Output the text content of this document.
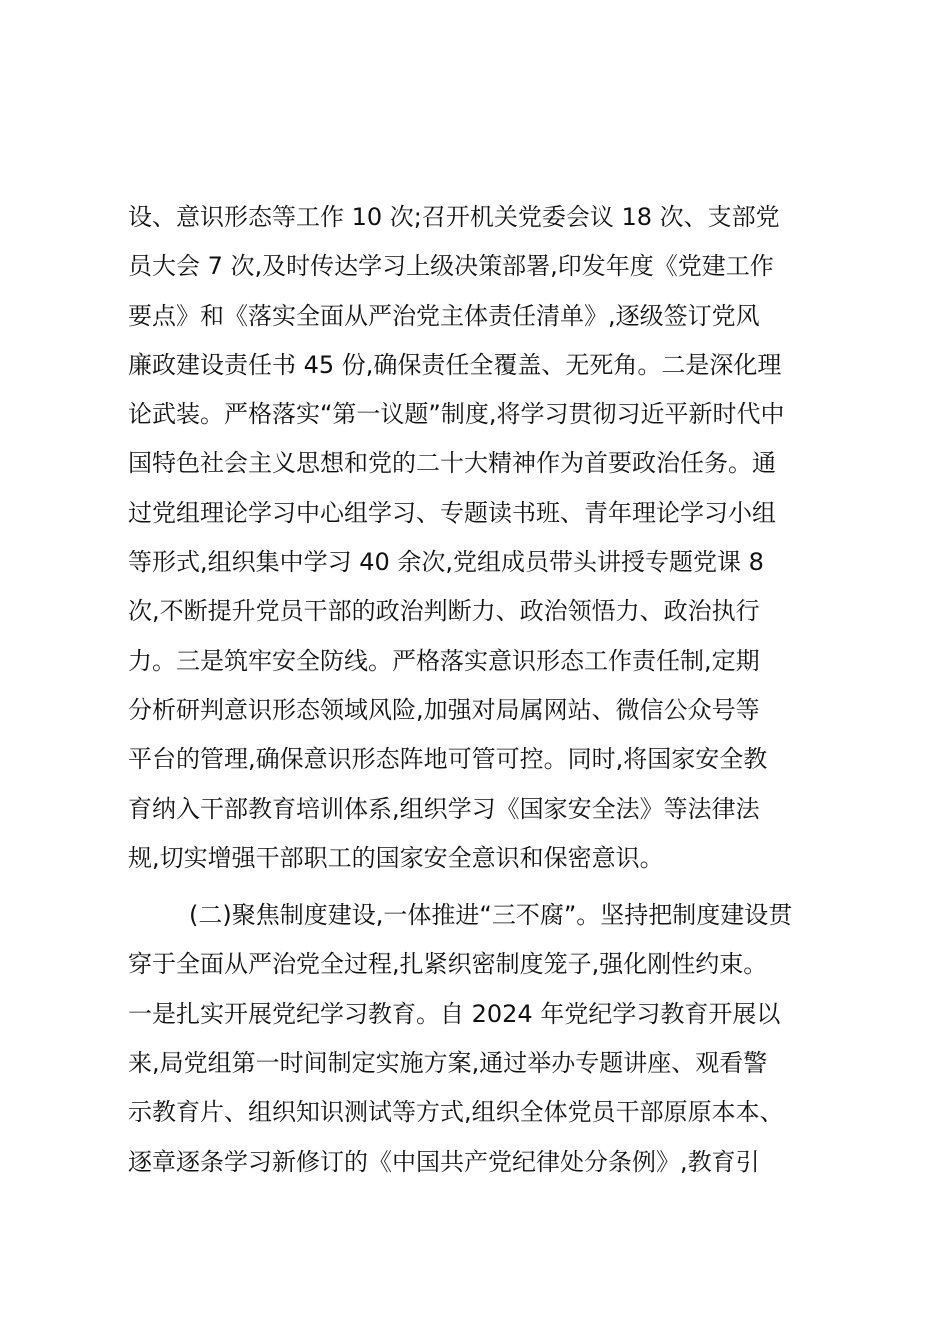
设、意识形态等工作 10 次;召开机关党委会议 18 次、支部党
员大会 7 次,及时传达学习上级决策部署,印发年度《党建工作
要点》和《落实全面从严治党主体责任清单》,逐级签订党风
廉政建设责任书 45 份,确保责任全覆盖、无死角。二是深化理
论武装。严格落实“第一议题”制度,将学习贯彻习近平新时代中
国特色社会主义思想和党的二十大精神作为首要政治任务。通
过党组理论学习中心组学习、专题读书班、青年理论学习小组
等形式,组织集中学习 40 余次,党组成员带头讲授专题党课 8
次,不断提升党员干部的政治判断力、政治领悟力、政治执行
力。三是筑牢安全防线。严格落实意识形态工作责任制,定期
分析研判意识形态领域风险,加强对局属网站、微信公众号等
平台的管理,确保意识形态阵地可管可控。同时,将国家安全教
育纳入干部教育培训体系,组织学习《国家安全法》等法律法
规,切实增强干部职工的国家安全意识和保密意识。
(二)聚焦制度建设,一体推进“三不腐”。坚持把制度建设贯
穿于全面从严治党全过程,扎紧织密制度笼子,强化刚性约束。
一是扎实开展党纪学习教育。自 2024 年党纪学习教育开展以
来,局党组第一时间制定实施方案,通过举办专题讲座、观看警
示教育片、组织知识测试等方式,组织全体党员干部原原本本、
逐章逐条学习新修订的《中国共产党纪律处分条例》,教育引
